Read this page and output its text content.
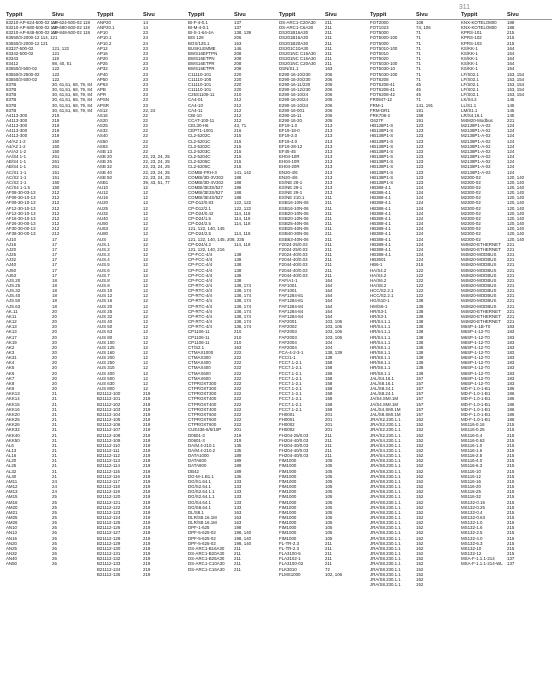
311
Typpit	Sivu
83210-AP-624-500-02 119
AP-624-500-02 119
83210-AP-680-500-02 119
AP-680-500-02 119
83210-AP-848-500-02 119
AP-848-500-02 119
83550/3-2000-12 114, 121
83550/3-2000-12 121
83327-500-02	121, 122
83342-500-02	121
83343	119
83412	98, 40, 51
83550/3-500-02	122
83550/3-2500-02	122
83550/3-500-02	122
837B	30, 61,51, 68, 79, 84
837B	30, 61,51, 68, 79, 84
837B	30, 61,51, 68, 79, 84
837B	30, 61,51, 68, 79, 84
837B	30, 61,51, 68, 79, 84
837B	30, 61,51, 68, 79, 84
A4113-300	219
A4113-300	219
A4113-300	219
A4113-300	219
A4113-300	219
A4/A2 1-2	150
A4/A2 1-2	150
AA/A2 1-2	150
AA/S4 1-1	261
AB/S4 1-1	261
AB/S4 1-1	261
AC/S1 1-1	151
AC/S2 1-1	151
AC/S2 1-1	150
AC/S4 1-1.5	150
AF08-30-03-13	212
AF09-30-10-13	212
AF09-30-10-13	212
AF12-30-10-13	212
AF12-30-10-13	212
AF16-30-10-13	212
AF26-30-00-13	212
AF30-30-00-13	212
AF38-30-00-13	212
AJ10	17
AJ16	17
AJ20	17
AJ25	17
AJ32	17
AJ40	17
AJ50	17
AJ63	17
AJS.20	18
AJS.25	18
AJS.32	18
AJS.40	18
AJS.50	18
AJS.63	18
AK.11	20
AK11	20
AK12	20
AK13	20
AK13	20
AK17	20
AK19	20
AK2	20
AK3	20
AK31	20
AK4	20
AK5	20
AK6	20
AK7	20
AK8	20
AK9	20
AKK13	21
AKK14	21
AKK15	21
AKK16	21
AKK20	21
AKK25	21
AKK26	21
AKK32	21
AKK40	21
AKK50	21
AL6	21
AL13	21
AL16	21
AL20	21
AL25	21
AL32	21
AL40	21
AM11	24
AM12	24
AM13	24
AM15	25
AM16	25
AM20	25
AM21	25
AM25	25
AM26	26
AN10	26
AN13	26
AN16	26
AN20	26
AN25	26
AN32	26
AN40	26
AN50	26
Typpit	Sivu
ANP20	14
ANP20.1	14
AP10	23
AP10.1	24
AP10.2	24
AP12	23
AP16	23
AP20	23
AP25	23
AP32	23
AP40	23
AP50	23
AP63	23
APB	23
APR	23
APSN	23
APSR	23
AS12	22, 24
AS16	22
AS20	22
AS25	22
AS32	22
AS40	22
AS50	22
AS63	22
ASB 13	22
ASB 20	22, 23, 24, 25
ASB 25	22, 23, 24, 25
ASB 32	22, 23, 24, 25
ASB 40	22, 23, 24, 25
ASB 50	22, 23, 24, 25
ASB1	39, 43, 51, 77
AU10	12
AU12	12
AU16	12
AU20	12
AU25	12
AU32	12
AU40	12
AU50	12
AU63	12
AU80	12
AUS	12
AUS.1	12
AUS.2	12
AUS.3	12
AUS.4	12
AUS.5	12
AUS.6	12
AUS.7	12
AUS.8	12
AUS.9	12
AUS 10	12
AUS 12	12
AUS 16	12
AUS 20	12
AUS 25	12
AUS 32	12
AUS 40	12
AUS 50	12
AUS 63	12
AUS 80	12
AUS 100	12
AUS 125	12
AUS 160	12
AUS 200	12
AUS 250	12
AUS 315	12
AUS 400	12
AUS 500	12
AUS 630	12
AUS 800	12
B21112-100	219
B21112-101	219
B21112-102	219
B21112-103	219
B21112-104	219
B21112-105	219
B21112-106	219
B21112-107	219
B21112-108	219
B21112-109	219
B21112-110	219
B21112-111	219
B21112-112	219
B21112-113	219
B21112-114	219
B21112-115	219
B21112-116	219
B21112-117	219
B21112-118	219
B21112-119	219
B21112-120	219
B21112-121	219
B21112-122	219
B21112-123	219
B21112-124	219
B21112-125	219
B21112-126	219
B21112-127	219
B21112-128	219
B21112-129	219
B21112-130	219
B21112-131	219
B21112-132	219
B21112-133	219
B21112-134	219
B21112-135	219
Typpit	Sivu
BI-F-4-0.1	137
BI-M-4-0.1	137
BI-S-1-64-4A	138, 139
BIS 129	206
BOX/125.1	163
BUSKLEMME	146
BWS16EFTPN	208
BWS16ETPN	208
BWS16ETPR	208
BWS16ETPR	208
C11110-101	220
C11110-105	220
C11110-101	220
C11110-101	220
C25S1108-11	210
CA4-01	212
CA4-10	212
CA4-11	212
CBI-10	212
CCAT-100-11	212
CEL30-H6	43, 71
CEP71-1001	216
CL2-5202C	215
CL2-5201C	215
CL2-5202C	215
CL2-5203C	215
CL2-5204C	215
CL2-5205C	215
CL2-5206C	215
COMBI-FRH-3	141, 142
COMBI/3D-3V302	188
COMBI/3D-4V302	188
COMBI/3E3S/527	188
COMBI/3E3S/527	188
COMBI/3E4S/527	188
CP-D12/0.83	122, 122
CP-D12/2.1	122, 122
CP-D24/0.42	114, 118
CP-D24/1.5	114, 118
CP-D24/2.5	114, 118
121, 122, 140, 145
CP-D24/2.5	114, 118
121, 122, 140, 145, 208, 235
CP-D24/4.2	114, 118
121, 122, 140, 216
CP-FCC-4/4	138
CP-FCC-4/4	138
CP-FCC-4/4	138
CP-FCC-4/4	138
CP-FCC-4/4	138
CP-FCC-4/4	138
CP-RTC-2/4	138, 174
CP-RTC-2/4	138, 174
CP-RTC-4/4	138, 174
CP-RTC-4/4	138, 174
CP-RTC-4/4	138, 174
CP-RTC-4/4	138, 174
CP-RTC-4/4	138, 174
CP-RTC-4/4	138, 174
CP-RTC-4/4	138, 174
CP1106-11	210
CP1106-11	210
CP1108-11	210
CT/S2.1	163
CTMAX1000	222
CTMAX300	222
CTMAX400	222
CTMAX400	222
CTMAX600	222
CTMAX600	222
CTPROXT300	222
CTPROXT300	222
CTPROXT300	222
CTPROXT400	222
CTPROXT400	222
CTPROXT400	222
CTPROXT600	222
CTPROXT600	222
CTPROXT600	222
CUE436-6/6/10P	201
D0601-3	219
D0601-3	219
DA/M.4-210.1	135
DA/M.4-210.2	135
DATA1000	189
DATA600	189
DATA800	189
DB42	189
DG-M-1.B1.1	136
DG/S1.64.1	133
DG/S2.64.1	133
DG/S2.64.1.1	133
DG/S2.64.1.1	133
DG/S4.64.1	133
DG/S8.64.1	133
DL/S8.1	163
DLR/S8.16.1M	163
DLR/S8.16.1M	163
DPF-1-625	198
DPF-5-625-02	198, 140
DPF-5-625-02	198, 140
DPF-5-625-02	198, 140
DS-ARC1-B16A30	211
DS-ARC1-B20A30	211
DS-ARC1-B25A30	211
DS-ARC1-C10A30	211
DS-ARC1-C16A30	211
Typpit	Sivu
DS-ARC1-C20A30	211
DS-ARC1-C6A30	211
DS201B16A30	211
DS201B16A30	211
DS201B20A30	211
DS201C10A30	211
DS201NC C16A30	211
DS201NC C16A30	211
DS201NC C20A30	211
DSN/S1.1	163
E290-16-10/230	206
E290-16-20/230	206
E290-16-11/230	206
E290-16-12/230	206
E290-16-10/24	206
E290-16-20/24	206
E290-16-10/24	206
E290-16-001	206
E290-16-11	206
E290-16-20	206
EF19-1.0	213
EF19-18-0	213
EF19-2.0	213
EF19-4.0	213
EF19-28-12	213
EF45-45	213
EH04-10R	213
EH04-10R	213
EH04-20R	213
EN20-4/6	213
EN20-4/6	213
ES/NE 28-1	213
ES/NE 29-1	213
ES/NE 29-1	213
ES/NE 210.1	211
ESB16-10N-06	211
ESB16-10N-06	211
ESB20-10N-06	211
ESB20-10N-06	211
ESB25-40N-06	211
ESB25-40N-06	211
ESB40-30N-06	211
ESB63-40N-06	211
F2024-25/0.03	211
F2024-25/0.03	211
F2024-40/0.03	211
F2044-40/0.03	211
F2044-40/0.03	211
F2044-40/0.03	211
F2044-40/0.03	211
FAF/A1-1	164
FAF1001	164
FAF1001	164
FAF1284-81	164
FAF1284-81	164
FAF1284-84	164
FAF1284-84	164
FAF1284-84	164
FAF2001	103, 106
FAF2002	103, 106
FAF2003	103, 106
FAF2003	103, 106
FAF2004	104
FAF2004	104
FCA-4-2-3-1	138, 139
FCC/1-1	138
FCC7.1-2.1	158
FCC7.1-2.1	158
FCC7.1-2.1	158
FCC7.1-2.1	158
FCC7.1-2.1	158
FCC7.1-2.1	158
FCC7.1-2.1	158
FCC7.1-2.1	158
FCC7.1-2.1	158
FCC7.1-2.1	158
FH0001	201
FH0001	201
FH0002	201
FH0002	201
FH204-25/0.03	211
FH204-40/0.03	211
FH204-40/0.03	211
FH204-40/0.03	211
FH204-40/0.03	211
FIM1000	105
FIM1000	105
FIM1000	105
FIM1000	105
FIM1000	105
FIM1000	105
FIM1000	105
FIM1000	105
FIM1000	105
FIM1000	105
FIM1000	105
FIM1000	105
FIM1000	105
FIM1000	105
FIM1000	105
FIM1000	105
FL-TR-2.3	211
FL-TR-2.3	211
FLA3100-5	211
FLA3102-1	211
FLA3100-02	211
FLK3010	72
FLMS1000	102, 106
Typpit	Sivu
FOT2000	108
FOT1023	74, 106
FOT5000	71
FOT5000-100	71
FOT5000	71
FOT5010-100	71
FOT5010	71
FOT5020	71
FOT5030-100	71
FOT5030-10	71
FOT5030-100	71
FOT6208	71
FOT6208-41	45
FOT6208-41	45
FOT6208-42	45
FR0947-12	71
FRM-1	141, 191
FRM-DR1	191
FRK708-2	158
G627F	191
HB138P1-S	123
HB138P1-S	123
HB138P1-S	123
HB138P1-S	123
HB138P1-S	123
HB138P1-S	123
HB138P1-S	123
HB138P1-S	123
HB138P1-S	123
HB138P1-S	123
HB138P1-S	123
HB138P1-S	123
HB388-4.1	124
HB388-4.1	124
HB388-4.1	124
HB388-4.1	124
HB388-4.1	124
HB388-4.1	124
HB388-4.1	124
HB388-4.1	124
HB388-4.1	124
HB388-4.1	124
HB388-4.1	124
HB388-4.1	124
HB388-4.1	124
HB388-4.1	124
HB3601	124
HB6-1	215
HA/S4.2	122
HA/S4.2	122
HA/S6.2	122
HA/S8.2	122
HCC/S2.2.1	122
HCC/S2.2.1	122
HG/S10-1	138
HM/S6-1	138
HR/S3-1	138
HR/S3-1	138
HR/S4.1.1	138
HR/S4.1.1	138
HR/S4.1.1	138
HR/S4.1.1	138
HR/S4.1.1	138
HR/S8.1.1	138
HR/S8.1.1	138
HR/S8.1.1	138
HR/S8.1.1	138
HR/S8.1.1	138
HR/S8.1.1	138
JAL/S4.16.1	157
JAL/S8.16.1	157
JAL/S8.24.1	157
JAL/S8.24.1	157
JA/S4.SMI.1M	157
JA/S4.SMI.1M	157
JAL/S4.SMI.1M	157
JAL/S8.SMI.1M	157
JRA/S2.230.1.1	152
JRA/S2.230.1.1	152
JRA/S2.230.1.1	152
JRA/S2.230.1.1	152
JRA/S4.230.1.1	152
JRA/S4.230.1.1	152
JRA/S4.230.1.1	152
JRA/S4.230.1.1	152
JRA/S8.230.1.1	152
JRA/S8.230.1.1	152
JRA/S8.230.1.1	152
JRA/S8.230.1.1	152
JRA/S8.230.1.1	152
JRA/S8.230.1.1	152
JRA/S8.230.1.1	152
JRA/S8.230.1.1	152
JRA/S8.230.1.1	152
JRA/S8.230.1.1	152
JRA/S8.230.1.1	152
JRA/S8.230.1.1	152
JRA/S8.230.1.1	152
JRA/S8.230.1.1	152
JRA/S8.230.1.1	152
JRA/S8.230.1.1	152
JRA/S8.230.1.1	152
JRA/S8.230.1.1	152
JRA/S8.230.1.1	152
JRA/S8.230.1.1	152
JRA/S8.230.1.1	152
JRA/S8.230.1.1	152
JRA/S8.230.1.1	152
JRA/S8.230.1.1	152
JRA/S8.230.1.1	152
Typpit	Sivu
KNX-KOTELO800	188
KNX-KOTELO800	188
KPRS-101	215
KPRS-102	215
KPRS-103	215
KS/KK-1	164
KS/KK-1	164
KS/KK-1	164
KS/KK-1	164
KS/KK-1	164
LF/S02.1	153, 154
LF/S02.1	153, 154
LF/S02.1	153, 154
LF/S02.1	153, 154
LF/S02.1	153, 154
LK/S4.2	145
LL/S1.1	145
LM/S1.1	145
LR/S4.16.1	145
M4M20-Modbus	221
M2138P1-A-02	124
M2138P1-A-02	124
M2138P1-A-02	124
M2138P1-A-02	124
M2138P1-A-02	124
M2138P1-A-02	124
M2138P1-A-02	124
M2138P1-A-02	124
M2138P1-A-02	124
M2138P1-A-02	124
M2300-02	120, 140
M2300-02	120, 140
M2300-02	120, 140
M2300-02	120, 140
M2300-02	120, 140
M2300-02	120, 140
M2300-02	120, 140
M2300-02	120, 140
M2300-02	120, 140
M2300-02	120, 140
M2300-02	120, 140
M2300-02	120, 140
M2300-02	120, 140
M4M20-ETHERNET	221
M4M20-ETHERNET	221
M4M20-MODBUS	221
M4M20-MODBUS	221
M4M20-MODBUS	221
M4M20-MODBUS	221
M4M20-MODBUS	221
M4M20-MODBUS	221
M4M20-MODBUS	221
M4M20-MODBUS	221
M4M20-MODBUS	221
M4M20-MODBUS	221
M4M20-MODBUS	221
M4M20-ETHERNET	221
M4M20-ETHERNET	221
M4M20-ETHERNET	221
M6SP-1-1B-T0	183
M6SP-1-12-T0	183
M6SP-1-12-T0	183
M6SP-1-12-T0	183
M6SP-1-12-T0	183
M6SP-1-12-T0	183
M6SP-1-12-T0	183
M6SP-1-12-T0	183
M6SP-1-12-T0	183
M6SP-1-12-T0	183
M6SP-1-12-T0	183
M6SP-1-12-T0	183
MD-F-1.0-1-B1	186
MD-F-1.0-1-B1	186
MD-F-1.0-1-B1	186
MD-F-1.0-1-B1	186
MD-F-1.0-1-B1	186
MD-F-1.0-1-B1	186
MD-F-1.0-1-B1	186
MS116-0.16	215
MS116-0.25	215
MS116-0.4	215
MS116-0.63	215
MS116-1.0	215
MS116-1.6	215
MS116-2.5	215
MS116-4.0	215
MS116-6.3	215
MS116-10	215
MS116-12	215
MS116-16	215
MS116-20	215
MS116-25	215
MS116-32	215
MS132-0.16	215
MS132-0.25	215
MS132-0.4	215
MS132-0.63	215
MS132-1.0	215
MS132-1.6	215
MS132-2.5	215
MS132-4.0	215
MS132-6.3	215
MS132-10	215
MS132-12	215
MSA-F-1.1.1-214	137
MSA-F-1.1.1-214-WL 137
